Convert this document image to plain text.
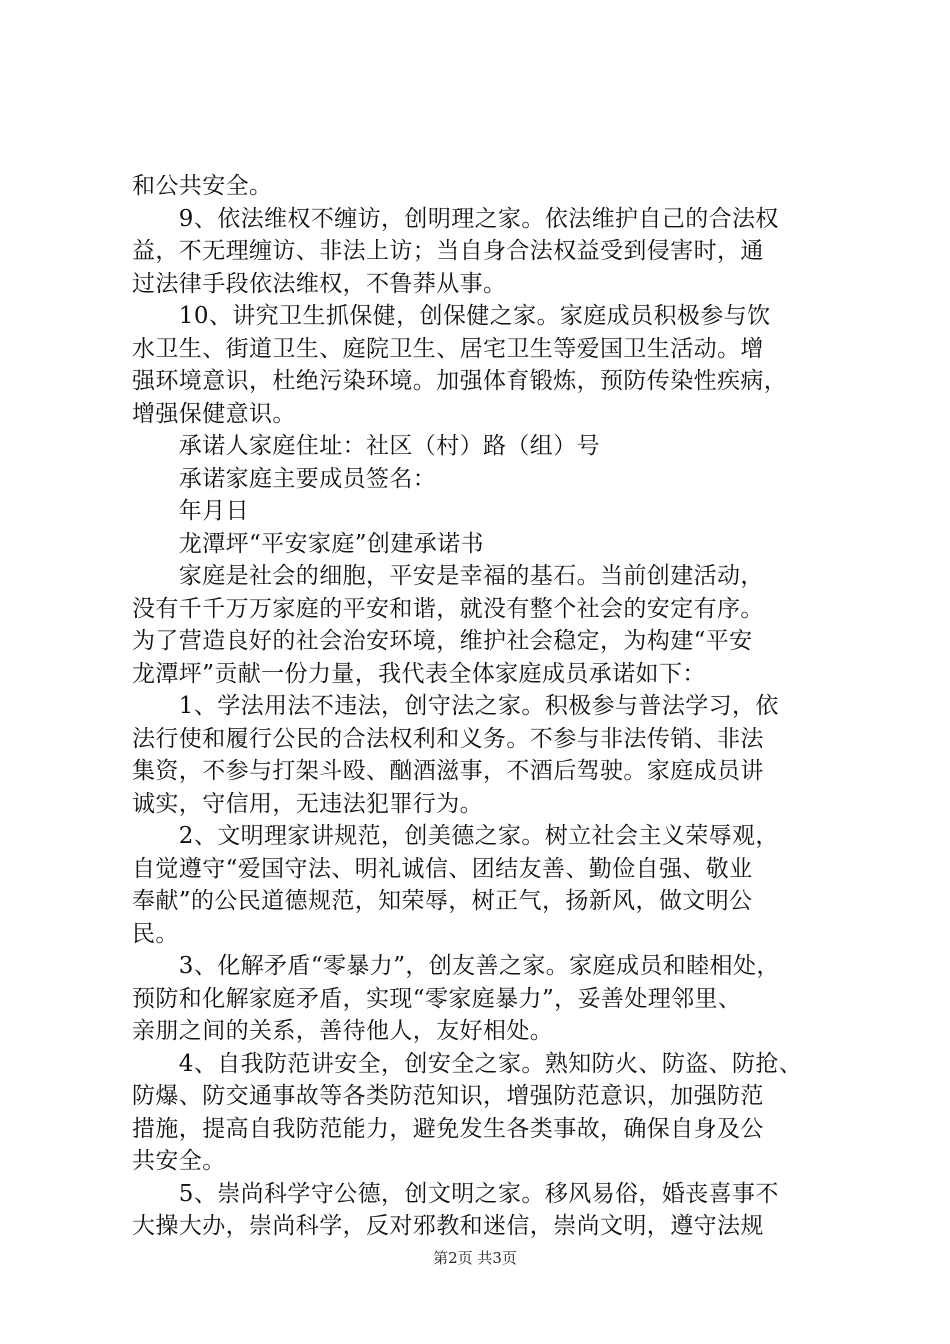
和公共安全。
　　9、依法维权不缠访，创明理之家。依法维护自己的合法权
益，不无理缠访、非法上访；当自身合法权益受到侵害时，通
过法律手段依法维权，不鲁莽从事。
　　10、讲究卫生抓保健，创保健之家。家庭成员积极参与饮
水卫生、街道卫生、庭院卫生、居宅卫生等爱国卫生活动。增
强环境意识，杜绝污染环境。加强体育锻炼，预防传染性疾病，
增强保健意识。
　　承诺人家庭住址：社区（村）路（组）号
　　承诺家庭主要成员签名：
　　年月日
　　龙潭坪“平安家庭”创建承诺书
　　家庭是社会的细胞，平安是幸福的基石。当前创建活动，
没有千千万万家庭的平安和谐，就没有整个社会的安定有序。
为了营造良好的社会治安环境，维护社会稳定，为构建“平安
龙潭坪”贡献一份力量，我代表全体家庭成员承诺如下：
　　1、学法用法不违法，创守法之家。积极参与普法学习，依
法行使和履行公民的合法权利和义务。不参与非法传销、非法
集资，不参与打架斗殴、酗酒滋事，不酒后驾驶。家庭成员讲
诚实，守信用，无违法犯罪行为。
　　2、文明理家讲规范，创美德之家。树立社会主义荣辱观，
自觉遵守“爱国守法、明礼诚信、团结友善、勤俭自强、敬业
奉献”的公民道德规范，知荣辱，树正气，扬新风，做文明公
民。
　　3、化解矛盾“零暴力”，创友善之家。家庭成员和睦相处，
预防和化解家庭矛盾，实现“零家庭暴力”，妥善处理邻里、
亲朋之间的关系，善待他人，友好相处。
　　4、自我防范讲安全，创安全之家。熟知防火、防盗、防抢、
防爆、防交通事故等各类防范知识，增强防范意识，加强防范
措施，提高自我防范能力，避免发生各类事故，确保自身及公
共安全。
　　5、崇尚科学守公德，创文明之家。移风易俗，婚丧喜事不
大操大办，崇尚科学，反对邪教和迷信，崇尚文明，遵守法规
第2页 共3页
